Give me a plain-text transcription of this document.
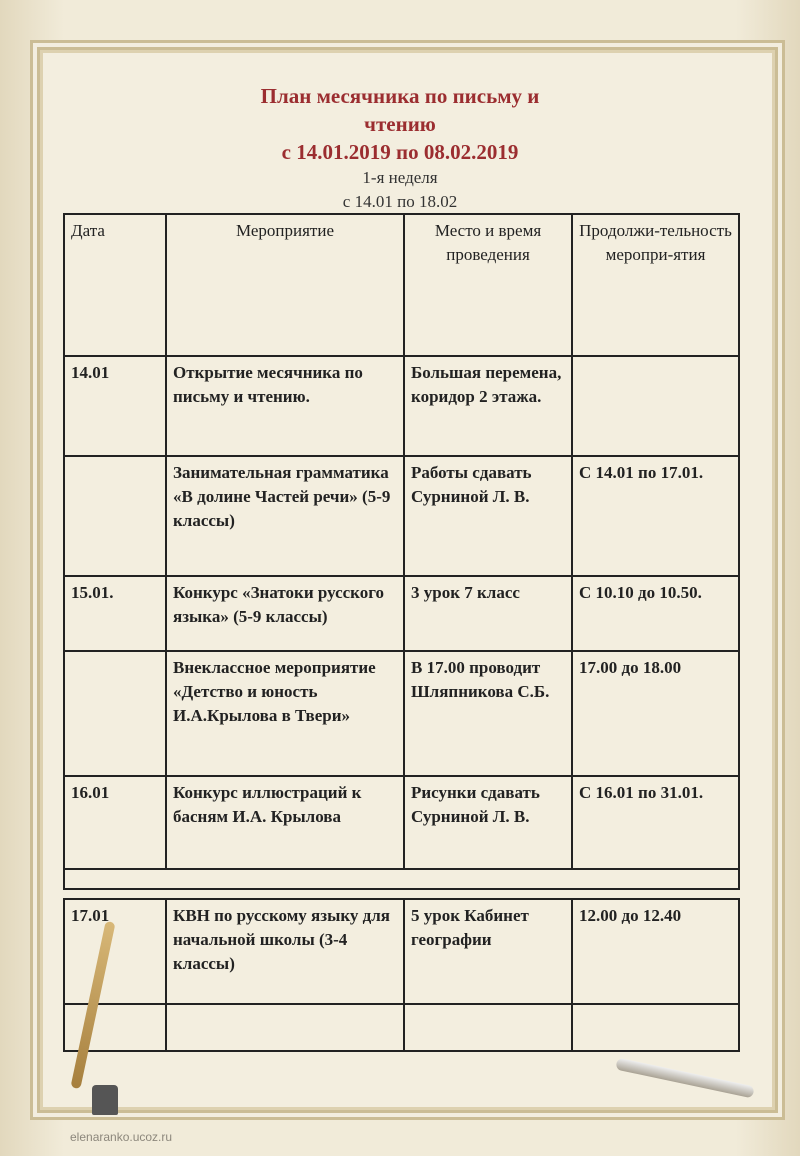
План месячника по письму и
чтению
с 14.01.2019 по 08.02.2019
1-я неделя
с 14.01 по 18.02
Дата	Мероприятие	Место и время проведения	Продолжи-тельность меропри-ятия
14.01	Открытие месячника по письму и чтению.	Большая перемена, коридор 2 этажа.	
	Занимательная грамматика «В долине Частей речи» (5-9 классы)	Работы сдавать Сурниной Л. В.	С 14.01 по 17.01.
15.01.	Конкурс «Знатоки русского языка» (5-9 классы)	3 урок 7 класс	С 10.10 до 10.50.
	Внеклассное мероприятие «Детство и юность И.А.Крылова в Твери»	В 17.00 проводит Шляпникова С.Б.	17.00 до 18.00
16.01	Конкурс иллюстраций к басням И.А. Крылова	Рисунки сдавать Сурниной Л. В.	С 16.01 по 31.01.

17.01	КВН по русскому языку для начальной школы (3-4 классы)	5 урок Кабинет географии	12.00 до 12.40

elenaranko.ucoz.ru
